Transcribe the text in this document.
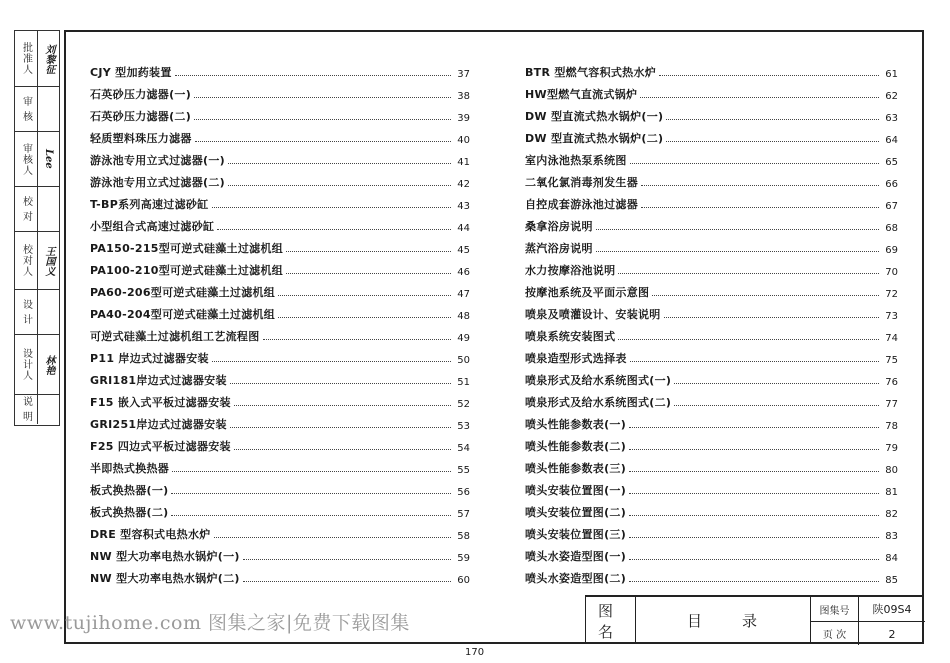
批准人	刘黎征
审 核
审核人	Lee
校 对
校对人	王国义
设 计
设计人	林艳
说 明
CJY 型加药装置	37
石英砂压力滤器(一)	38
石英砂压力滤器(二)	39
轻质塑料珠压力滤器	40
游泳池专用立式过滤器(一)	41
游泳池专用立式过滤器(二)	42
T-BP系列高速过滤砂缸	43
小型组合式高速过滤砂缸	44
PA150-215型可逆式硅藻土过滤机组	45
PA100-210型可逆式硅藻土过滤机组	46
PA60-206型可逆式硅藻土过滤机组	47
PA40-204型可逆式硅藻土过滤机组	48
可逆式硅藻土过滤机组工艺流程图	49
P11 岸边式过滤器安装	50
GRI181岸边式过滤器安装	51
F15 嵌入式平板过滤器安装	52
GRI251岸边式过滤器安装	53
F25 四边式平板过滤器安装	54
半即热式换热器	55
板式换热器(一)	56
板式换热器(二)	57
DRE 型容积式电热水炉	58
NW 型大功率电热水锅炉(一)	59
NW 型大功率电热水锅炉(二)	60
BTR 型燃气容积式热水炉	61
HW型燃气直流式锅炉	62
DW 型直流式热水锅炉(一)	63
DW 型直流式热水锅炉(二)	64
室内泳池热泵系统图	65
二氧化氯消毒剂发生器	66
自控成套游泳池过滤器	67
桑拿浴房说明	68
蒸汽浴房说明	69
水力按摩浴池说明	70
按摩池系统及平面示意图	72
喷泉及喷灌设计、安装说明	73
喷泉系统安装图式	74
喷泉造型形式选择表	75
喷泉形式及给水系统图式(一)	76
喷泉形式及给水系统图式(二)	77
喷头性能参数表(一)	78
喷头性能参数表(二)	79
喷头性能参数表(三)	80
喷头安装位置图(一)	81
喷头安装位置图(二)	82
喷头安装位置图(三)	83
喷头水姿造型图(一)	84
喷头水姿造型图(二)	85
图名
目录
图集号	陕09S4
页 次	2
www.tujihome.com 图集之家|免费下载图集
170
